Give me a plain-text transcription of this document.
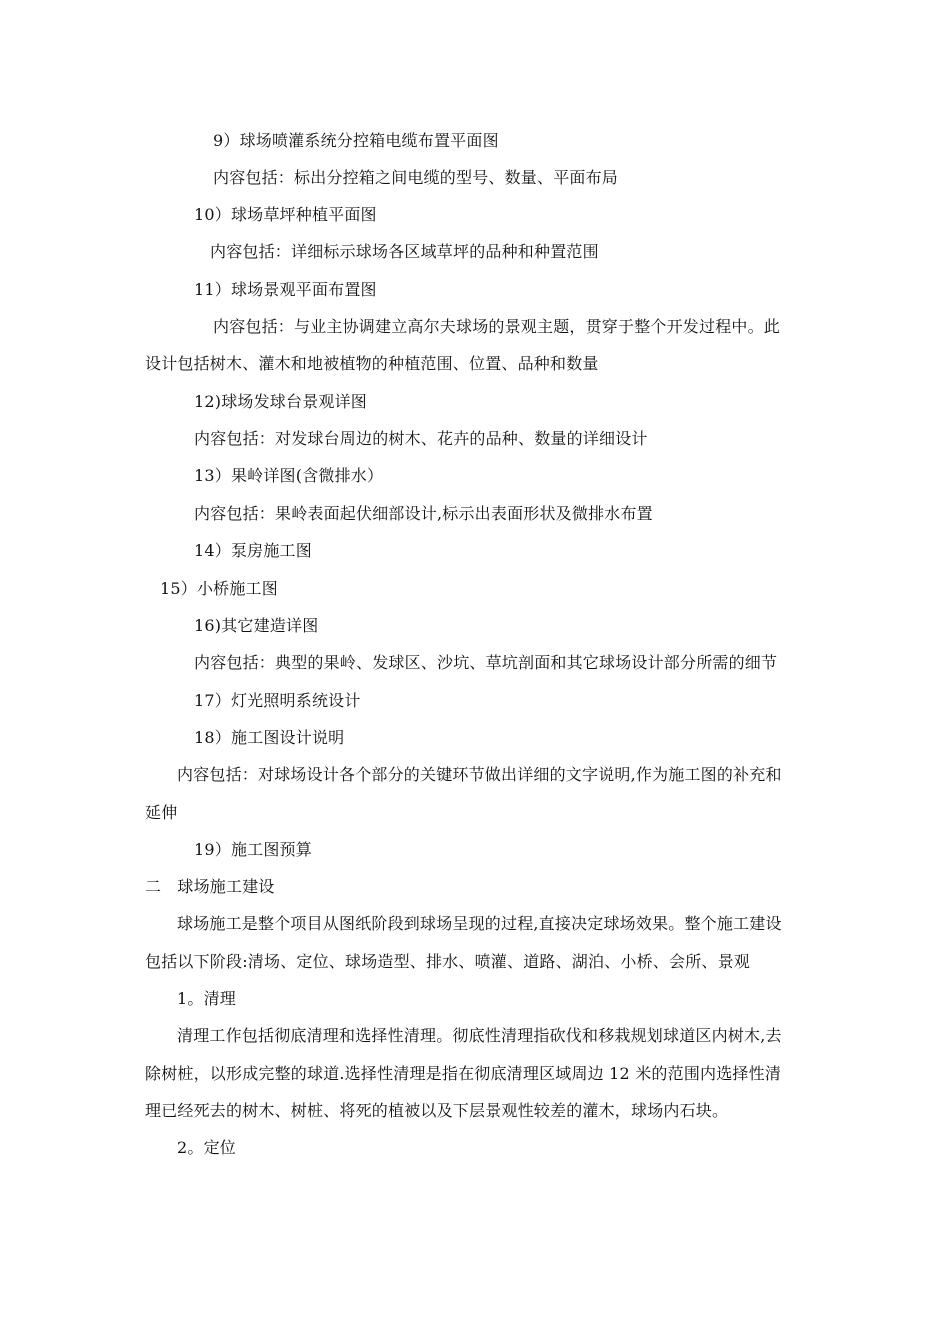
9）球场喷灌系统分控箱电缆布置平面图
内容包括：标出分控箱之间电缆的型号、数量、平面布局
10）球场草坪种植平面图
内容包括：详细标示球场各区域草坪的品种和种置范围
11）球场景观平面布置图
内容包括：与业主协调建立高尔夫球场的景观主题，贯穿于整个开发过程中。此
设计包括树木、灌木和地被植物的种植范围、位置、品种和数量
12)球场发球台景观详图
内容包括：对发球台周边的树木、花卉的品种、数量的详细设计
13）果岭详图(含微排水）
内容包括：果岭表面起伏细部设计,标示出表面形状及微排水布置
14）泵房施工图
15）小桥施工图
16)其它建造详图
内容包括：典型的果岭、发球区、沙坑、草坑剖面和其它球场设计部分所需的细节
17）灯光照明系统设计
18）施工图设计说明
内容包括：对球场设计各个部分的关键环节做出详细的文字说明,作为施工图的补充和
延伸
19）施工图预算
二　球场施工建设
球场施工是整个项目从图纸阶段到球场呈现的过程,直接决定球场效果。整个施工建设
包括以下阶段:清场、定位、球场造型、排水、喷灌、道路、湖泊、小桥、会所、景观
1。清理
清理工作包括彻底清理和选择性清理。彻底性清理指砍伐和移栽规划球道区内树木,去
除树桩，以形成完整的球道.选择性清理是指在彻底清理区域周边 12 米的范围内选择性清
理已经死去的树木、树桩、将死的植被以及下层景观性较差的灌木，球场内石块。
2。定位
